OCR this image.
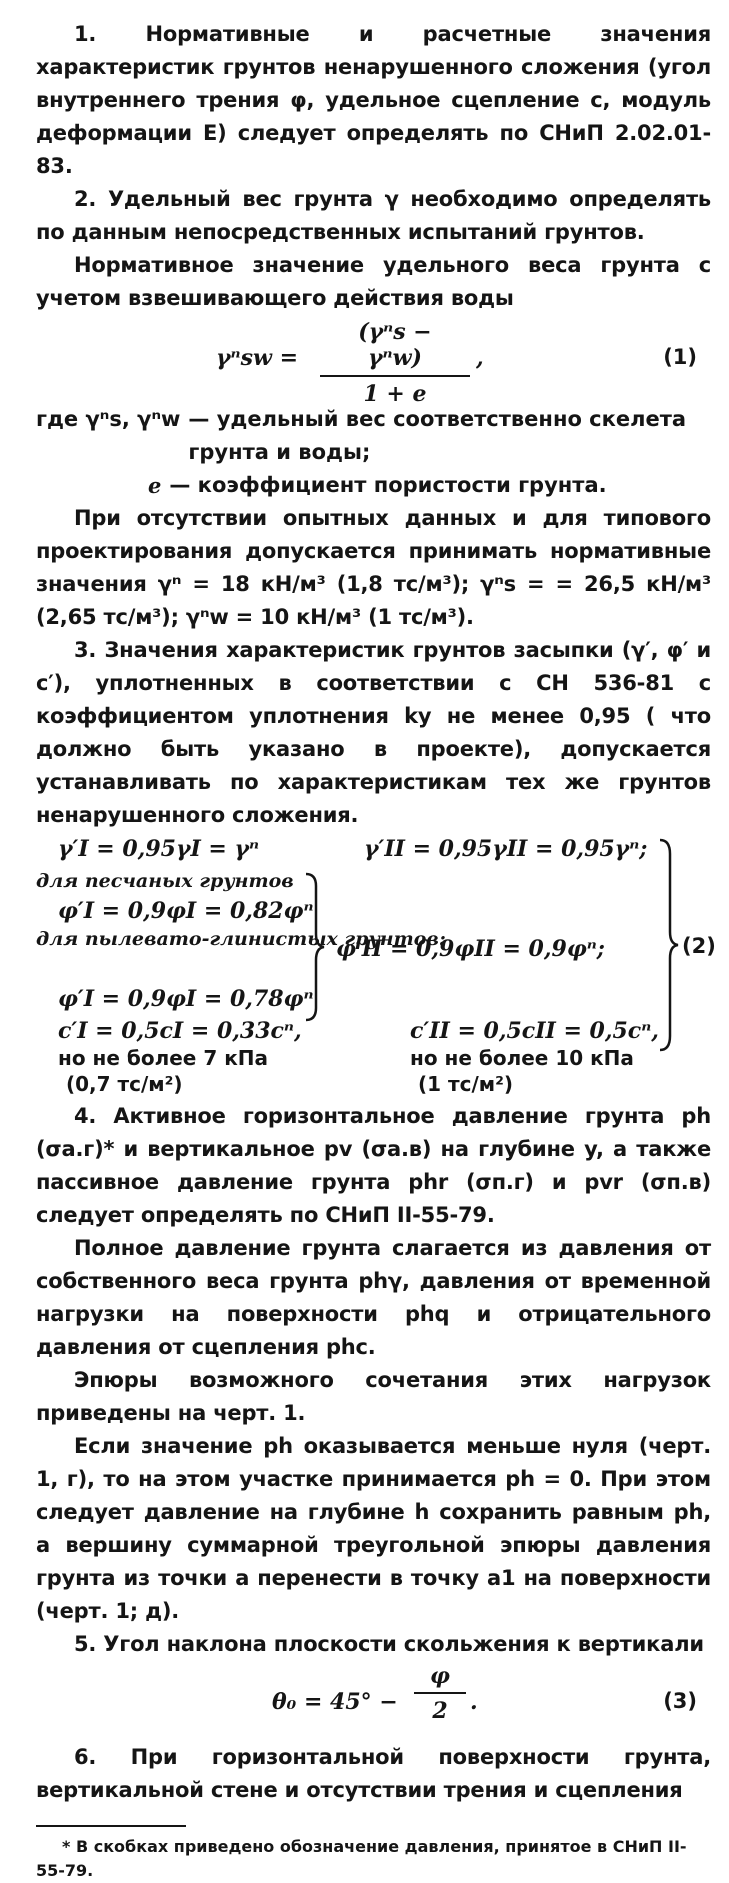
1. Нормативные и расчетные значения характеристик грунтов ненарушенного сложения (угол внутреннего трения φ, удельное сцепление c, модуль деформации E) следует определять по СНиП 2.02.01-83.

2. Удельный вес грунта γ необходимо определять по данным непосредственных испытаний грунтов.

Нормативное значение удельного веса грунта с учетом взвешивающего действия воды

γⁿsw =
(γⁿs − γⁿw)
1 + e
,	(1)
где γⁿs, γⁿw — удельный вес соответственно скелета грунта и воды;
e — коэффициент пористости грунта.

При отсутствии опытных данных и для типового проектирования допускается принимать нормативные значения γⁿ = 18 кН/м³ (1,8 тс/м³); γⁿs = = 26,5 кН/м³ (2,65 тс/м³); γⁿw = 10 кН/м³ (1 тс/м³).

3. Значения характеристик грунтов засыпки (γ′, φ′ и c′), уплотненных в соответствии с СН 536-81 с коэффициентом уплотнения kу не менее 0,95 ( что должно быть указано в проекте), допускается устанавливать по характеристикам тех же грунтов ненарушенного сложения.

γ′I = 0,95γI = γⁿ	γ′II = 0,95γII = 0,95γⁿ;
для песчаных грунтов
φ′I = 0,9φI = 0,82φⁿ
для пылевато-глинистых грунтов:
φ′I = 0,9φI = 0,78φⁿ
φ′II = 0,9φII = 0,9φⁿ;
c′I = 0,5cI = 0,33cⁿ,	c′II = 0,5cII = 0,5cⁿ,
но не более 7 кПа
(0,7 тс/м²)
но не более 10 кПа
(1 тс/м²)
(2)

4. Активное горизонтальное давление грунта ph (σa.г)* и вертикальное pv (σa.в) на глубине y, а также пассивное давление грунта phr (σп.г) и pvr (σп.в) следует определять по СНиП II-55-79.

Полное давление грунта слагается из давления от собственного веса грунта phγ, давления от временной нагрузки на поверхности phq и отрицательного давления от сцепления phc.

Эпюры возможного сочетания этих нагрузок приведены на черт. 1.

Если значение ph оказывается меньше нуля (черт. 1, г), то на этом участке принимается ph = 0. При этом следует давление на глубине h сохранить равным ph, а вершину суммарной треугольной эпюры давления грунта из точки a перенести в точку a1 на поверхности (черт. 1; д).

5. Угол наклона плоскости скольжения к вертикали

$\theta_0 = 45^\circ - \frac{\varphi}{2}$ .	(3)

6. При горизонтальной поверхности грунта, вертикальной стене и отсутствии трения и сцепления

* В скобках приведено обозначение давления, принятое в СНиП II-55-79.
